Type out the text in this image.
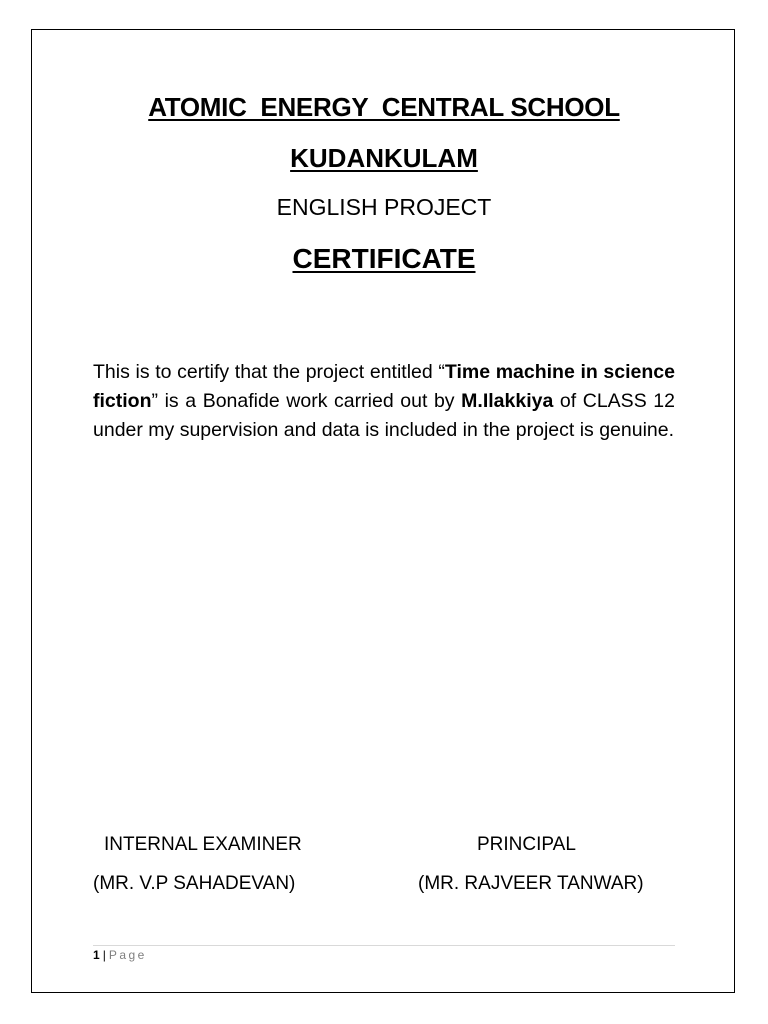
ATOMIC  ENERGY  CENTRAL SCHOOL
KUDANKULAM
ENGLISH PROJECT
CERTIFICATE

This is to certify that the project entitled “Time machine in science fiction” is a Bonafide work carried out by M.Ilakkiya of CLASS 12 under my supervision and data is included in the project is genuine.

INTERNAL EXAMINER

(MR. V.P SAHADEVAN)

PRINCIPAL

(MR. RAJVEER TANWAR)

1 | Page
